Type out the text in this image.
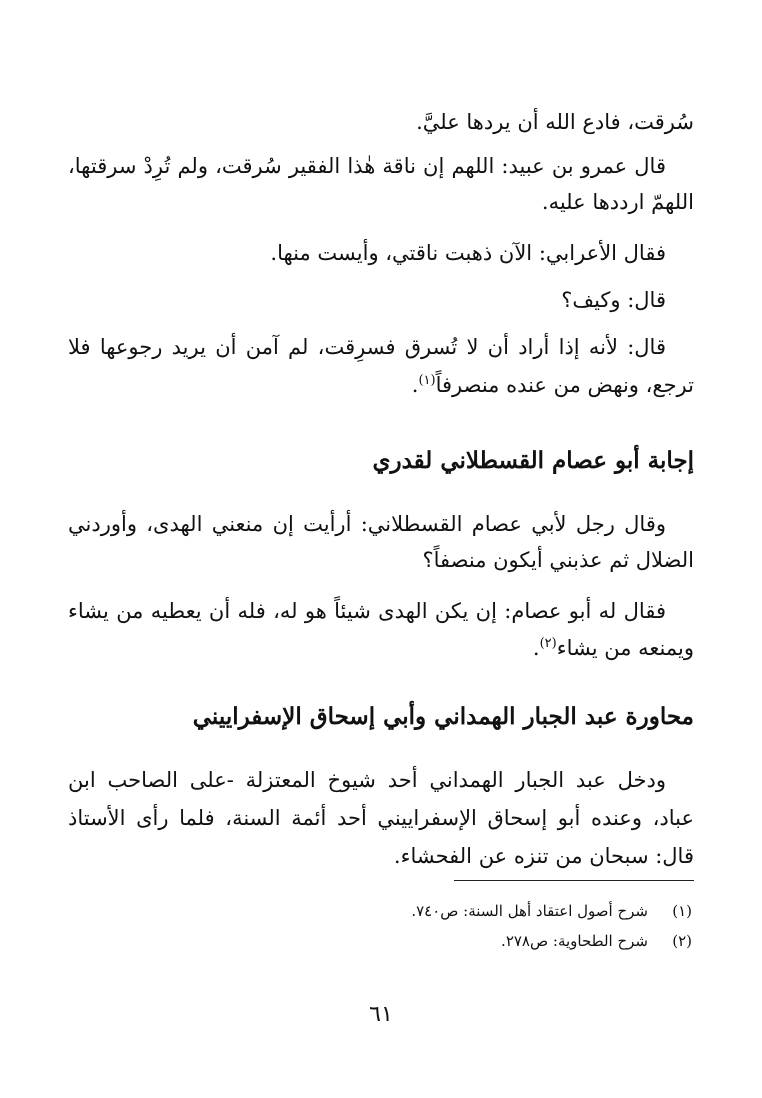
سُرقت، فادع الله أن يردها عليَّ.

قال عمرو بن عبيد: اللهم إن ناقة هٰذا الفقير سُرقت، ولم تُرِدْ سرقتها،

اللهمّ ارددها عليه.

فقال الأعرابي: الآن ذهبت ناقتي، وأيست منها.

قال: وكيف؟

قال: لأنه إذا أراد أن لا تُسرق فسرِقت، لم آمن أن يريد رجوعها فلا

ترجع، ونهض من عنده منصرفاً$^{(١)}$.

إجابة أبو عصام القسطلاني لقدري

وقال رجل لأبي عصام القسطلاني: أرأيت إن منعني الهدى، وأوردني

الضلال ثم عذبني أيكون منصفاً؟

فقال له أبو عصام: إن يكن الهدى شيئاً هو له، فله أن يعطيه من يشاء

ويمنعه من يشاء$^{(٢)}$.

محاورة عبد الجبار الهمداني وأبي إسحاق الإسفراييني

ودخل عبد الجبار الهمداني أحد شيوخ المعتزلة -على الصاحب ابن

عباد، وعنده أبو إسحاق الإسفراييني أحد أئمة السنة، فلما رأى الأستاذ

قال: سبحان من تنزه عن الفحشاء.

(١)شرح أصول اعتقاد أهل السنة: ص٧٤٠.
(٢)شرح الطحاوية: ص٢٧٨.
٦١
